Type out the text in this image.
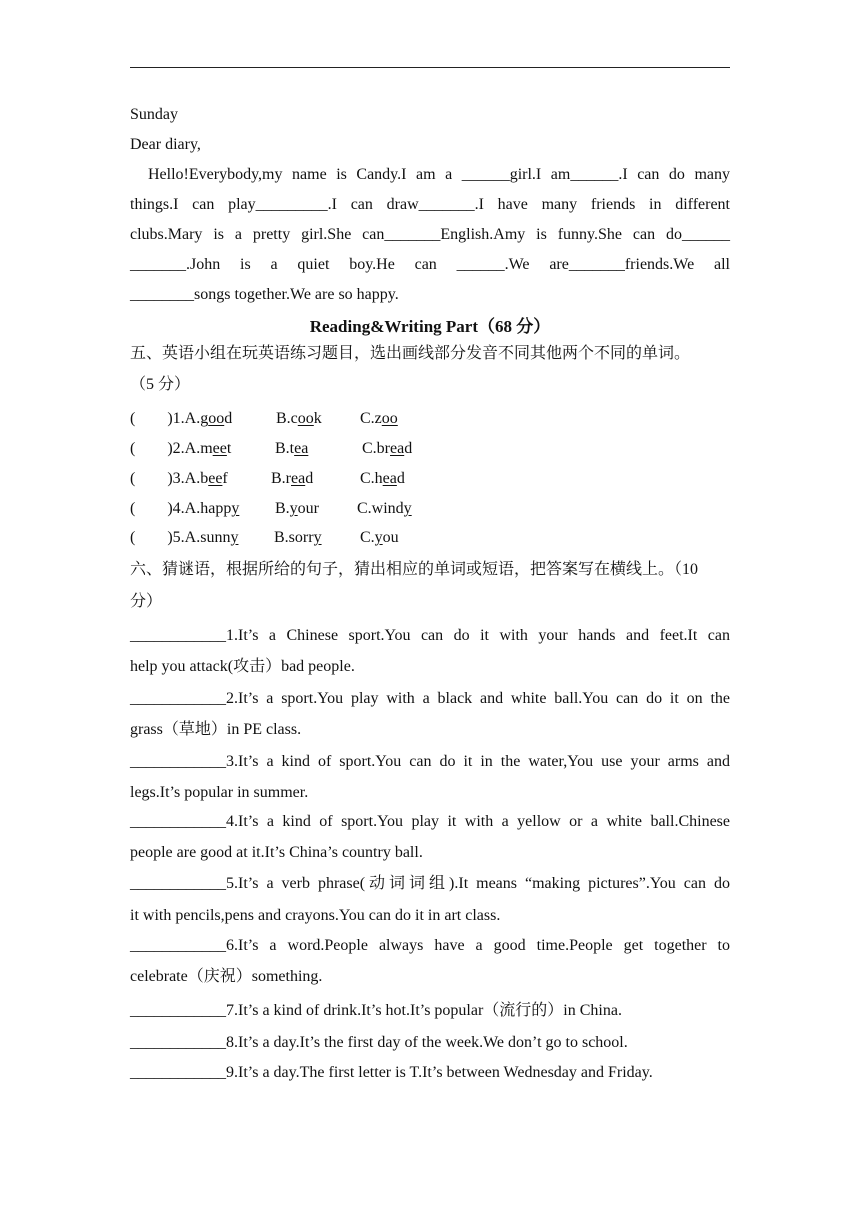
Sunday
Dear diary,
Hello!Everybody,my name is Candy.I am a ______girl.I am______.I can do many
things.I can play_________.I can draw_______.I have many friends in different
clubs.Mary is a pretty girl.She can_______English.Amy is funny.She can do______
_______.John is a quiet boy.He can ______.We are_______friends.We all
________songs together.We are so happy.
Reading&Writing Part（68 分）
五、英语小组在玩英语练习题目，选出画线部分发音不同其他两个不同的单词。
（5 分）
(        )1.A.good	B.cook C.zoo
(        )2.A.meet	B.tea	C.bread
(        )3.A.beef	B.read	C.head
(        )4.A.happy B.your C.windy
(        )5.A.sunny B.sorry C.you
六、猜谜语，根据所给的句子，猜出相应的单词或短语，把答案写在横线上。（10
分）
____________1.It’s a Chinese sport.You can do it with your hands and feet.It can
help you attack(攻击）bad people.
____________2.It’s a sport.You play with a black and white ball.You can do it on the
grass（草地）in PE class.
____________3.It’s a kind of sport.You can do it in the water,You use your arms and
legs.It’s popular in summer.
____________4.It’s a kind of sport.You play it with a yellow or a white ball.Chinese
people are good at it.It’s China’s country ball.
____________5.It’s a verb phrase(动词词组).It means “making pictures”.You can do
it with pencils,pens and crayons.You can do it in art class.
____________6.It’s a word.People always have a good time.People get together to
celebrate（庆祝）something.
____________7.It’s a kind of drink.It’s hot.It’s popular（流行的）in China.
____________8.It’s a day.It’s the first day of the week.We don’t go to school.
____________9.It’s a day.The first letter is T.It’s between Wednesday and Friday.
